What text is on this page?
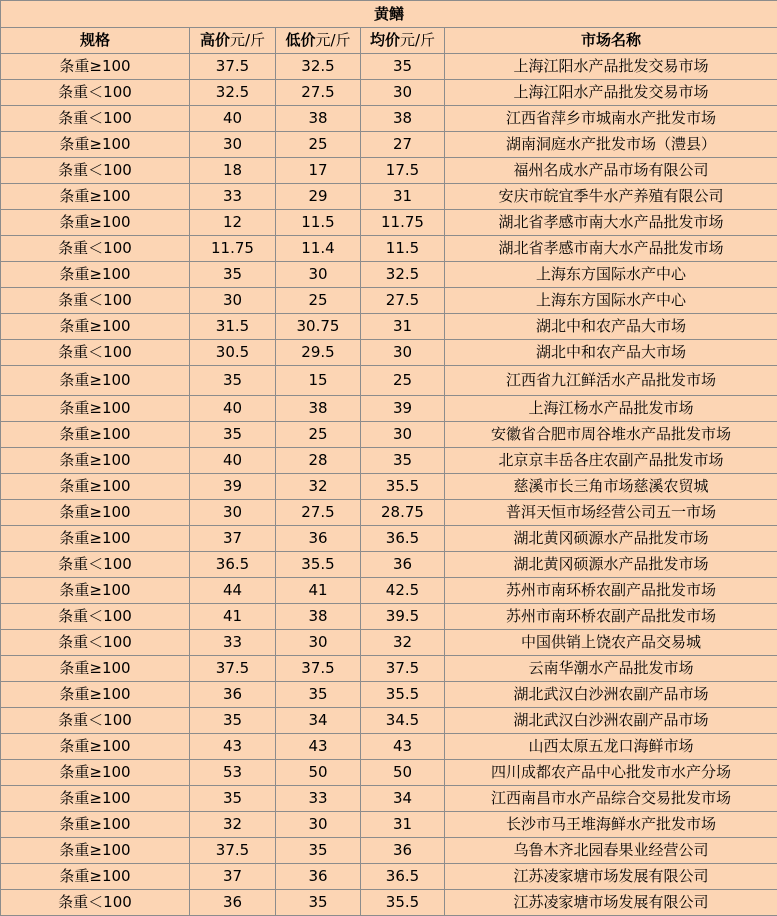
黄鳝				
规格	高价元/斤	低价元/斤	均价元/斤	市场名称
条重≥100	37.5	32.5	35	上海江阳水产品批发交易市场
条重＜100	32.5	27.5	30	上海江阳水产品批发交易市场
条重＜100	40	38	38	江西省萍乡市城南水产批发市场
条重≥100	30	25	27	湖南洞庭水产批发市场（澧县）
条重＜100	18	17	17.5	福州名成水产品市场有限公司
条重≥100	33	29	31	安庆市皖宜季牛水产养殖有限公司
条重≥100	12	11.5	11.75	湖北省孝感市南大水产品批发市场
条重＜100	11.75	11.4	11.5	湖北省孝感市南大水产品批发市场
条重≥100	35	30	32.5	上海东方国际水产中心
条重＜100	30	25	27.5	上海东方国际水产中心
条重≥100	31.5	30.75	31	湖北中和农产品大市场
条重＜100	30.5	29.5	30	湖北中和农产品大市场
条重≥100	35	15	25	江西省九江鲜活水产品批发市场
条重≥100	40	38	39	上海江杨水产品批发市场
条重≥100	35	25	30	安徽省合肥市周谷堆水产品批发市场
条重≥100	40	28	35	北京京丰岳各庄农副产品批发市场
条重≥100	39	32	35.5	慈溪市长三角市场慈溪农贸城
条重≥100	30	27.5	28.75	普洱天恒市场经营公司五一市场
条重≥100	37	36	36.5	湖北黄冈硕源水产品批发市场
条重＜100	36.5	35.5	36	湖北黄冈硕源水产品批发市场
条重≥100	44	41	42.5	苏州市南环桥农副产品批发市场
条重＜100	41	38	39.5	苏州市南环桥农副产品批发市场
条重＜100	33	30	32	中国供销上饶农产品交易城
条重≥100	37.5	37.5	37.5	云南华潮水产品批发市场
条重≥100	36	35	35.5	湖北武汉白沙洲农副产品市场
条重＜100	35	34	34.5	湖北武汉白沙洲农副产品市场
条重≥100	43	43	43	山西太原五龙口海鲜市场
条重≥100	53	50	50	四川成都农产品中心批发市水产分场
条重≥100	35	33	34	江西南昌市水产品综合交易批发市场
条重≥100	32	30	31	长沙市马王堆海鲜水产批发市场
条重≥100	37.5	35	36	乌鲁木齐北园春果业经营公司
条重≥100	37	36	36.5	江苏凌家塘市场发展有限公司
条重＜100	36	35	35.5	江苏凌家塘市场发展有限公司
